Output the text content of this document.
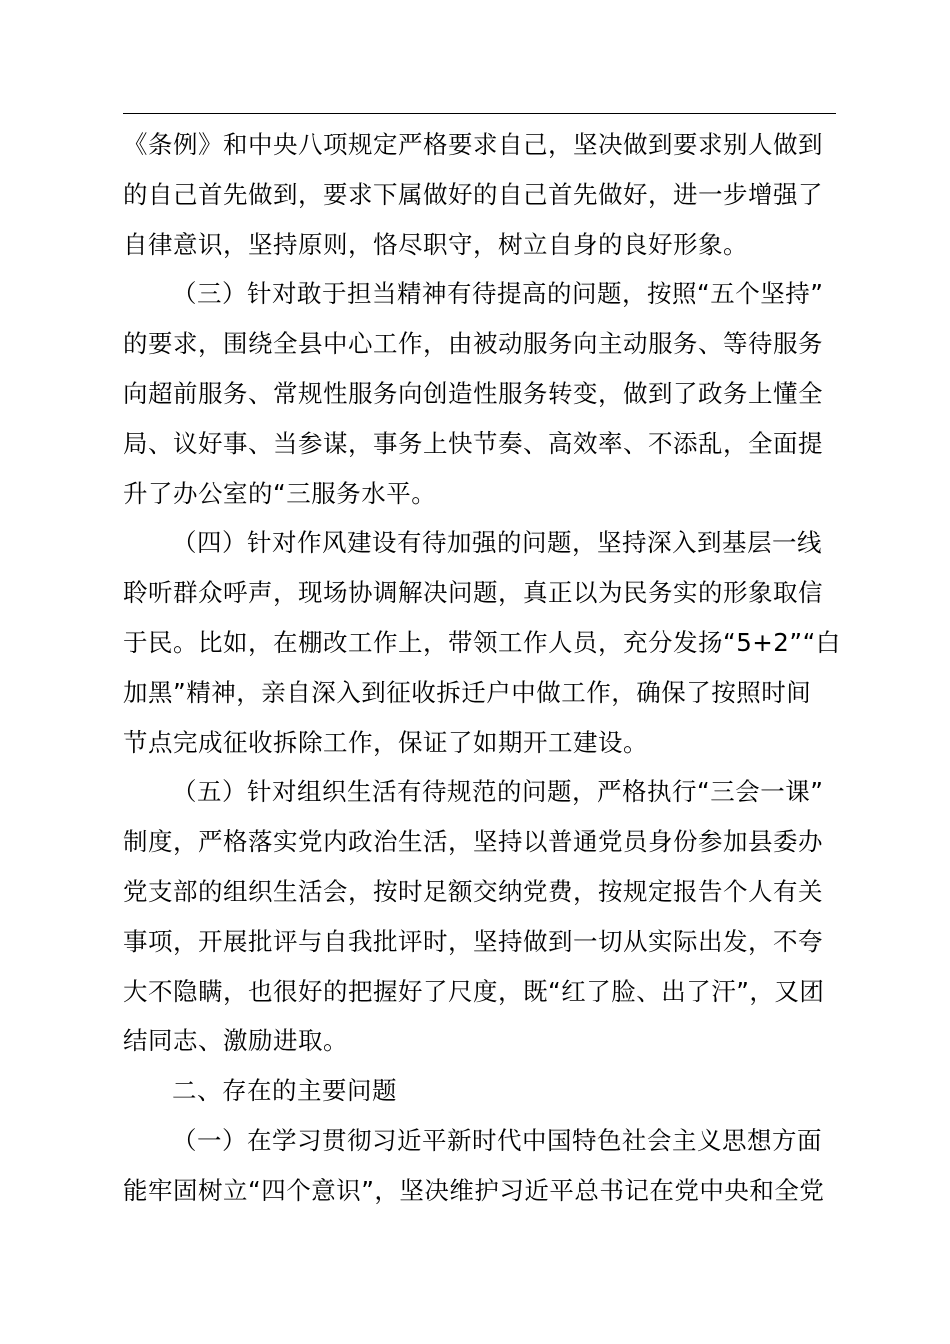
《条例》和中央八项规定严格要求自己，坚决做到要求别人做到
的自己首先做到，要求下属做好的自己首先做好，进一步增强了
自律意识，坚持原则，恪尽职守，树立自身的良好形象。
（三）针对敢于担当精神有待提高的问题，按照“五个坚持”
的要求，围绕全县中心工作，由被动服务向主动服务、等待服务
向超前服务、常规性服务向创造性服务转变，做到了政务上懂全
局、议好事、当参谋，事务上快节奏、高效率、不添乱，全面提
升了办公室的“三服务水平。
（四）针对作风建设有待加强的问题，坚持深入到基层一线
聆听群众呼声，现场协调解决问题，真正以为民务实的形象取信
于民。比如，在棚改工作上，带领工作人员，充分发扬“5+2”“白
加黑”精神，亲自深入到征收拆迁户中做工作，确保了按照时间
节点完成征收拆除工作，保证了如期开工建设。
（五）针对组织生活有待规范的问题，严格执行“三会一课”
制度，严格落实党内政治生活，坚持以普通党员身份参加县委办
党支部的组织生活会，按时足额交纳党费，按规定报告个人有关
事项，开展批评与自我批评时，坚持做到一切从实际出发，不夸
大不隐瞒，也很好的把握好了尺度，既“红了脸、出了汗”，又团
结同志、激励进取。
二、存在的主要问题
（一）在学习贯彻习近平新时代中国特色社会主义思想方面
能牢固树立“四个意识”，坚决维护习近平总书记在党中央和全党
